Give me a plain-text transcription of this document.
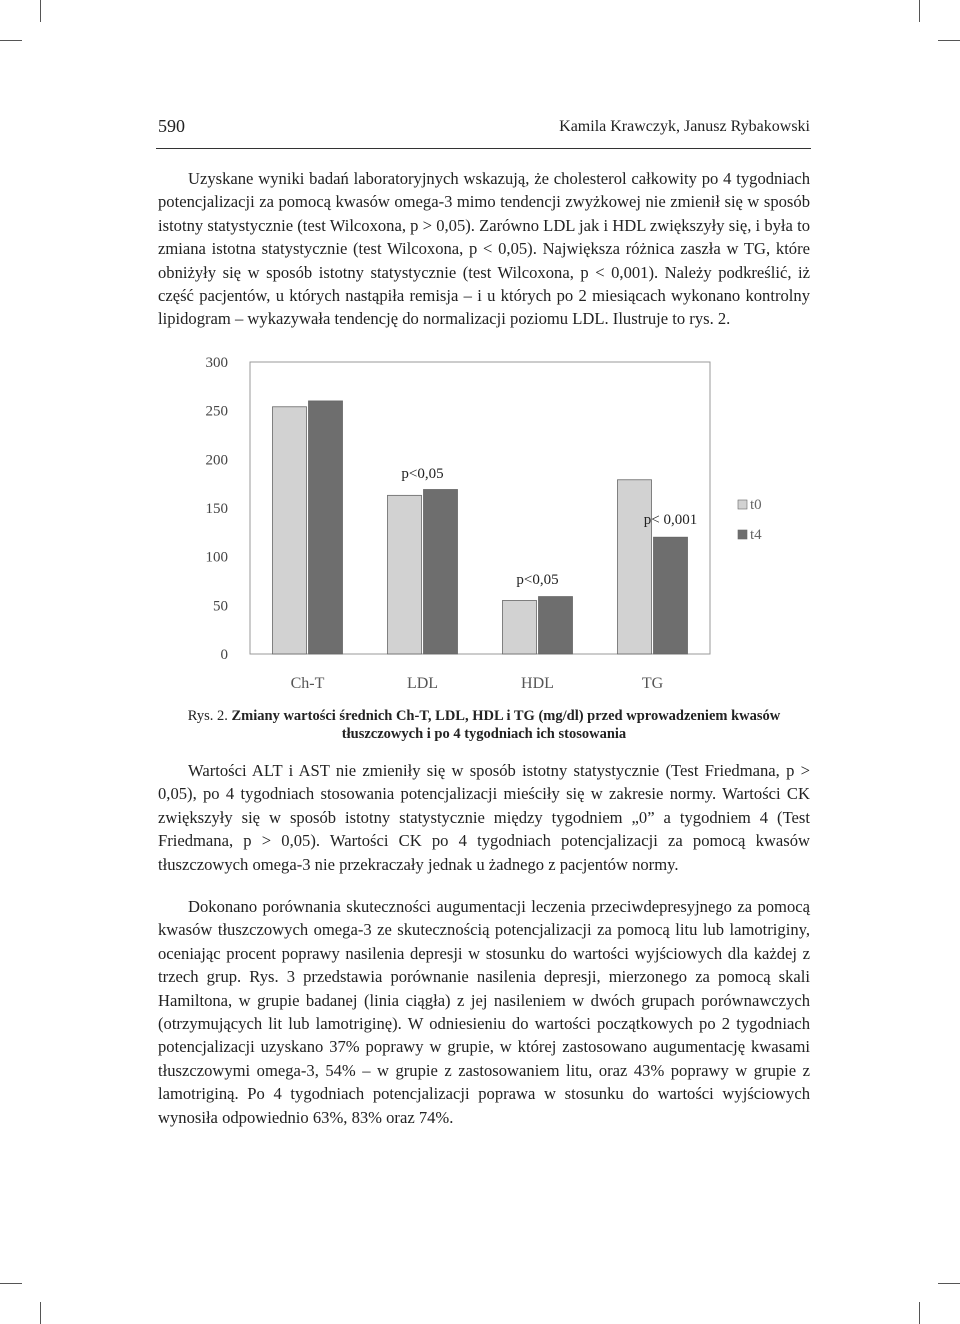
590	Kamila Krawczyk, Janusz Rybakowski

Uzyskane wyniki badań laboratoryjnych wskazują, że cholesterol całkowity po 4 tygodniach potencjalizacji za pomocą kwasów omega-3 mimo tendencji zwyżkowej nie zmienił się w sposób istotny statystycznie (test Wilcoxona, p > 0,05). Zarówno LDL jak i HDL zwiększyły się, i była to zmiana istotna statystycznie (test Wilcoxona, p < 0,05). Największa różnica zaszła w TG, które obniżyły się w sposób istotny statystycznie (test Wilcoxona, p < 0,001). Należy podkreślić, iż część pacjentów, u których nastąpiła remisja – i u których po 2 miesiącach wykonano kontrolny lipidogram – wykazywała tendencję do normalizacji poziomu LDL. Ilustruje to rys. 2.

0
50
100
150
200
250
300
Ch-T	LDL	HDL	TG
p<0,05
p<0,05
p< 0,001
t0
t4

Rys. 2. Zmiany wartości średnich Ch-T, LDL, HDL i TG (mg/dl) przed wprowadzeniem kwasów tłuszczowych i po 4 tygodniach ich stosowania

Wartości ALT i AST nie zmieniły się w sposób istotny statystycznie (Test Friedmana, p > 0,05), po 4 tygodniach stosowania potencjalizacji mieściły się w zakresie normy. Wartości CK zwiększyły się w sposób istotny statystycznie między tygodniem „0” a tygodniem 4 (Test Friedmana, p > 0,05). Wartości CK po 4 tygodniach potencjalizacji za pomocą kwasów tłuszczowych omega-3 nie przekraczały jednak u żadnego z pacjentów normy.

Dokonano porównania skuteczności augumentacji leczenia przeciwdepresyjnego za pomocą kwasów tłuszczowych omega-3 ze skutecznością potencjalizacji za pomocą litu lub lamotriginy, oceniając procent poprawy nasilenia depresji w stosunku do wartości wyjściowych dla każdej z trzech grup. Rys. 3 przedstawia porównanie nasilenia depresji, mierzonego za pomocą skali Hamiltona, w grupie badanej (linia ciągła) z jej nasileniem w dwóch grupach porównawczych (otrzymujących lit lub lamotriginę). W odniesieniu do wartości początkowych po 2 tygodniach potencjalizacji uzyskano 37% poprawy w grupie, w której zastosowano augumentację kwasami tłuszczowymi omega-3, 54% – w grupie z zastosowaniem litu, oraz 43% poprawy w grupie z lamotriginą. Po 4 tygodniach potencjalizacji poprawa w stosunku do wartości wyjściowych wynosiła odpowiednio 63%, 83% oraz 74%.
